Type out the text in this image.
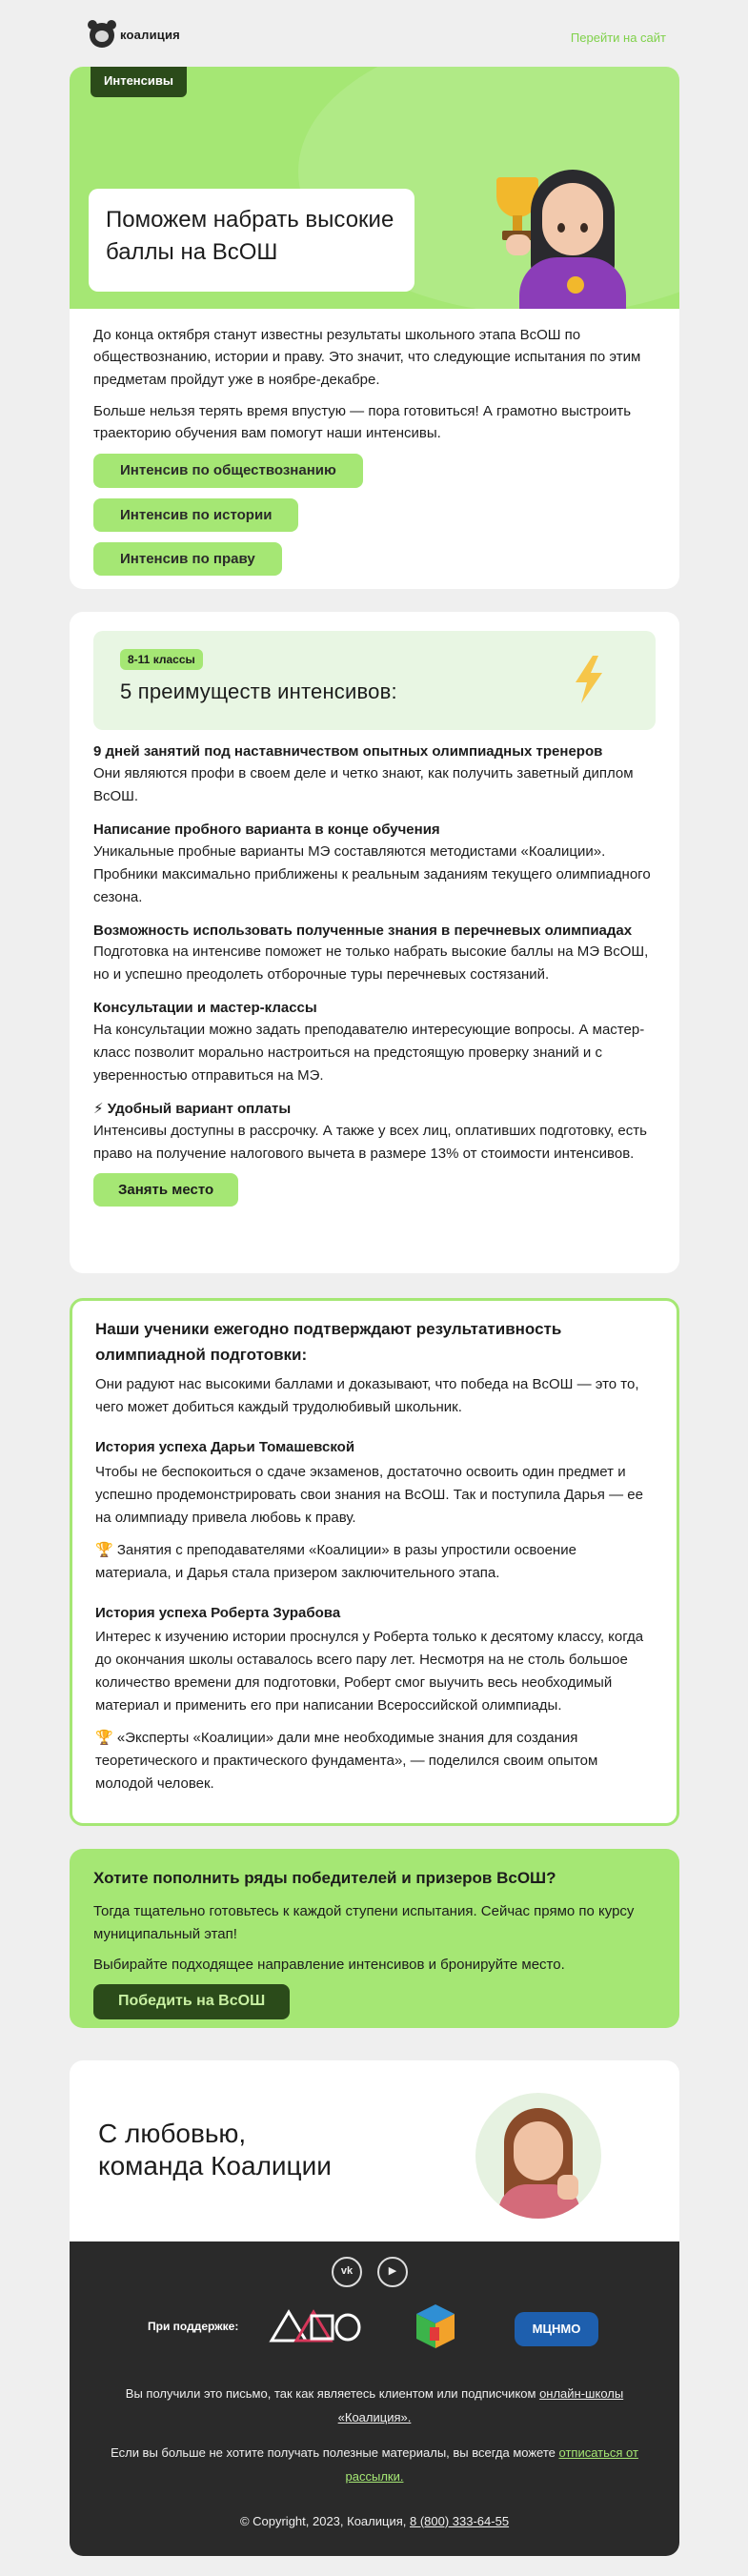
коалиция	Перейти на сайт
Интенсивы
Поможем набрать высокие баллы на ВсОШ

До конца октября станут известны результаты школьного этапа ВсОШ по обществознанию, истории и праву. Это значит, что следующие испытания по этим предметам пройдут уже в ноябре-декабре.

Больше нельзя терять время впустую — пора готовиться! А грамотно выстроить траекторию обучения вам помогут наши интенсивы.

Интенсив по обществознанию
Интенсив по истории
Интенсив по праву
8-11 классы
5 преимуществ интенсивов:
9 дней занятий под наставничеством опытных олимпиадных тренеров

Они являются профи в своем деле и четко знают, как получить заветный диплом ВсОШ.

Написание пробного варианта в конце обучения

Уникальные пробные варианты МЭ составляются методистами «Коалиции». Пробники максимально приближены к реальным заданиям текущего олимпиадного сезона.

Возможность использовать полученные знания в перечневых олимпиадах

Подготовка на интенсиве поможет не только набрать высокие баллы на МЭ ВсОШ, но и успешно преодолеть отборочные туры перечневых состязаний.

Консультации и мастер-классы

На консультации можно задать преподавателю интересующие вопросы. А мастер-класс позволит морально настроиться на предстоящую проверку знаний и с уверенностью отправиться на МЭ.

⚡ Удобный вариант оплаты

Интенсивы доступны в рассрочку. А также у всех лиц, оплативших подготовку, есть право на получение налогового вычета в размере 13% от стоимости интенсивов.

Занять место
Наши ученики ежегодно подтверждают результативность олимпиадной подготовки:

Они радуют нас высокими баллами и доказывают, что победа на ВсОШ — это то, чего может добиться каждый трудолюбивый школьник.

История успеха Дарьи Томашевской

Чтобы не беспокоиться о сдаче экзаменов, достаточно освоить один предмет и успешно продемонстрировать свои знания на ВсОШ. Так и поступила Дарья — ее на олимпиаду привела любовь к праву.

🏆 Занятия с преподавателями «Коалиции» в разы упростили освоение материала, и Дарья стала призером заключительного этапа.

История успеха Роберта Зурабова

Интерес к изучению истории проснулся у Роберта только к десятому классу, когда до окончания школы оставалось всего пару лет. Несмотря на не столь большое количество времени для подготовки, Роберт смог выучить весь необходимый материал и применить его при написании Всероссийской олимпиады.

🏆 «Эксперты «Коалиции» дали мне необходимые знания для создания теоретического и практического фундамента», — поделился своим опытом молодой человек.

Хотите пополнить ряды победителей и призеров ВсОШ?

Тогда тщательно готовьтесь к каждой ступени испытания. Сейчас прямо по курсу муниципальный этап!

Выбирайте подходящее направление интенсивов и бронируйте место.

Победить на ВсОШ
С любовью,
команда Коалиции
vk	▶
При поддержке:	МЦНМО
Вы получили это письмо, так как являетесь клиентом или подписчиком онлайн-школы «Коалиция».
Если вы больше не хотите получать полезные материалы, вы всегда можете отписаться от рассылки.
© Copyright, 2023, Коалиция, 8 (800) 333-64-55
